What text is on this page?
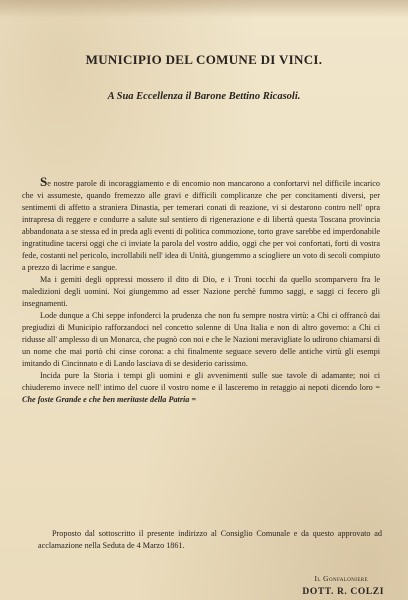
MUNICIPIO DEL COMUNE DI VINCI.
A Sua Eccellenza il Barone Bettino Ricasoli.

Se nostre parole di incoraggiamento e di encomio non mancarono a confortarvi nel difficile incarico che vi assumeste, quando fremezzo alle gravi e difficili complicanze che per concitamenti diversi, per sentimenti di affetto a straniera Dinastia, per temerari conati di reazione, vi si destarono contro nell' opra intrapresa di reggere e condurre a salute sul sentiero di rigenerazione e di libertà questa Toscana provincia abbandonata a se stessa ed in preda agli eventi di politica commozione, torto grave sarebbe ed imperdonabile ingratitudine tacersi oggi che ci inviate la parola del vostro addio, oggi che per voi confortati, forti di vostra fede, costanti nel pericolo, incrollabili nell' idea di Unità, giungemmo a sciogliere un voto di secoli compiuto a prezzo di lacrime e sangue.

Ma i gemiti degli oppressi mossero il dito di Dio, e i Troni tocchi da quello scomparvero fra le maledizioni degli uomini. Noi giungemmo ad esser Nazione perchè fummo saggi, e saggi ci fecero gli insegnamenti.

Lode dunque a Chi seppe infonderci la prudenza che non fu sempre nostra virtù: a Chi ci offrancò dai pregiudizi di Municipio rafforzandoci nel concetto solenne di Una Italia e non di altro governo: a Chi ci ridusse all' amplesso di un Monarca, che pugnò con noi e che le Nazioni meravigliate lo udirono chiamarsi di un nome che mai portò chi cinse corona: a chi finalmente seguace severo delle antiche virtù gli esempi imitando di Cincinnato e di Lando lasciava di se desiderio carissimo.

Incida pure la Storia i tempi gli uomini e gli avvenimenti sulle sue tavole di adamante; noi ci chiuderemo invece nell' intimo del cuore il vostro nome e il lasceremo in retaggio ai nepoti dicendo loro = Che foste Grande e che ben meritaste della Patria =

Proposto dal sottoscritto il presente indirizzo al Consiglio Comunale e da questo approvato ad acclamazione nella Seduta de 4 Marzo 1861.
Il Gonfaloniere
DOTT. R. COLZI
